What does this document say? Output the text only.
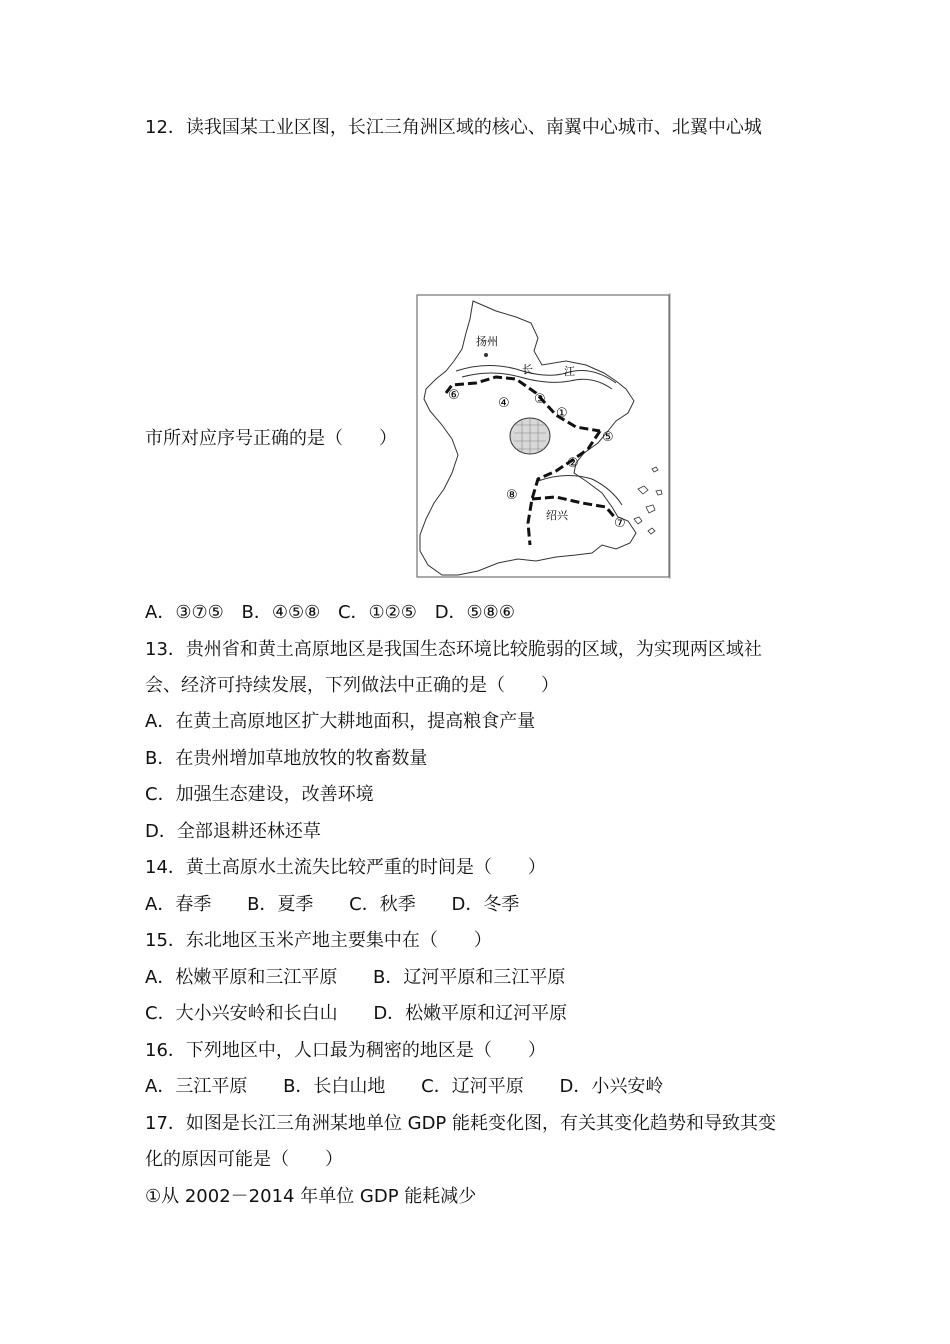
12．读我国某工业区图，长江三角洲区域的核心、南翼中心城市、北翼中心城
扬州
长	江
绍兴
①
②
③
④
⑤
⑥
⑦
⑧
市所对应序号正确的是（　　）
A．③⑦⑤ B．④⑤⑧ C．①②⑤ D．⑤⑧⑥
13．贵州省和黄土高原地区是我国生态环境比较脆弱的区域，为实现两区域社
会、经济可持续发展，下列做法中正确的是（　　）
A．在黄土高原地区扩大耕地面积，提高粮食产量
B．在贵州增加草地放牧的牧畜数量
C．加强生态建设，改善环境
D．全部退耕还林还草
14．黄土高原水土流失比较严重的时间是（　　）
A．春季 B．夏季 C．秋季 D．冬季
15．东北地区玉米产地主要集中在（　　）
A．松嫩平原和三江平原 B．辽河平原和三江平原
C．大小兴安岭和长白山 D．松嫩平原和辽河平原
16．下列地区中，人口最为稠密的地区是（　　）
A．三江平原 B．长白山地 C．辽河平原 D．小兴安岭
17．如图是长江三角洲某地单位 GDP 能耗变化图，有关其变化趋势和导致其变
化的原因可能是（　　）
①从 2002－2014 年单位 GDP 能耗减少
